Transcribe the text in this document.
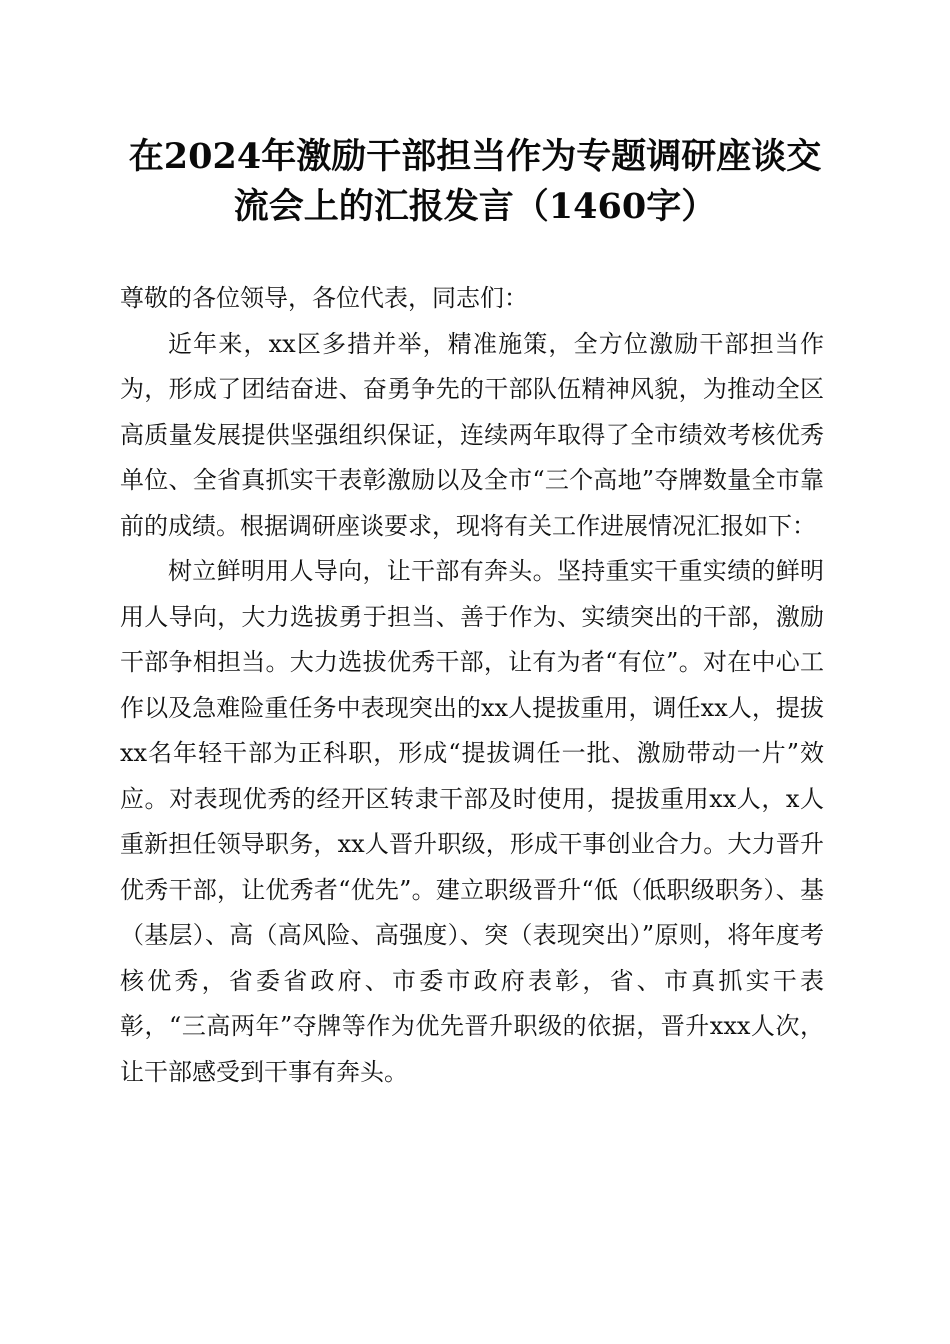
在2024年激励干部担当作为专题调研座谈交
流会上的汇报发言（1460字）

尊敬的各位领导，各位代表，同志们：

近年来，xx区多措并举，精准施策，全方位激励干部担当作为，形成了团结奋进、奋勇争先的干部队伍精神风貌，为推动全区高质量发展提供坚强组织保证，连续两年取得了全市绩效考核优秀单位、全省真抓实干表彰激励以及全市“三个高地”夺牌数量全市靠前的成绩。根据调研座谈要求，现将有关工作进展情况汇报如下：

树立鲜明用人导向，让干部有奔头。坚持重实干重实绩的鲜明用人导向，大力选拔勇于担当、善于作为、实绩突出的干部，激励干部争相担当。大力选拔优秀干部，让有为者“有位”。对在中心工作以及急难险重任务中表现突出的xx人提拔重用，调任xx人，提拔xx名年轻干部为正科职，形成“提拔调任一批、激励带动一片”效应。对表现优秀的经开区转隶干部及时使用，提拔重用xx人，x人重新担任领导职务，xx人晋升职级，形成干事创业合力。大力晋升优秀干部，让优秀者“优先”。建立职级晋升“低（低职级职务）、基（基层）、高（高风险、高强度）、突（表现突出）”原则，将年度考核优秀，省委省政府、市委市政府表彰，省、市真抓实干表彰，“三高两年”夺牌等作为优先晋升职级的依据，晋升xxx人次，让干部感受到干事有奔头。
